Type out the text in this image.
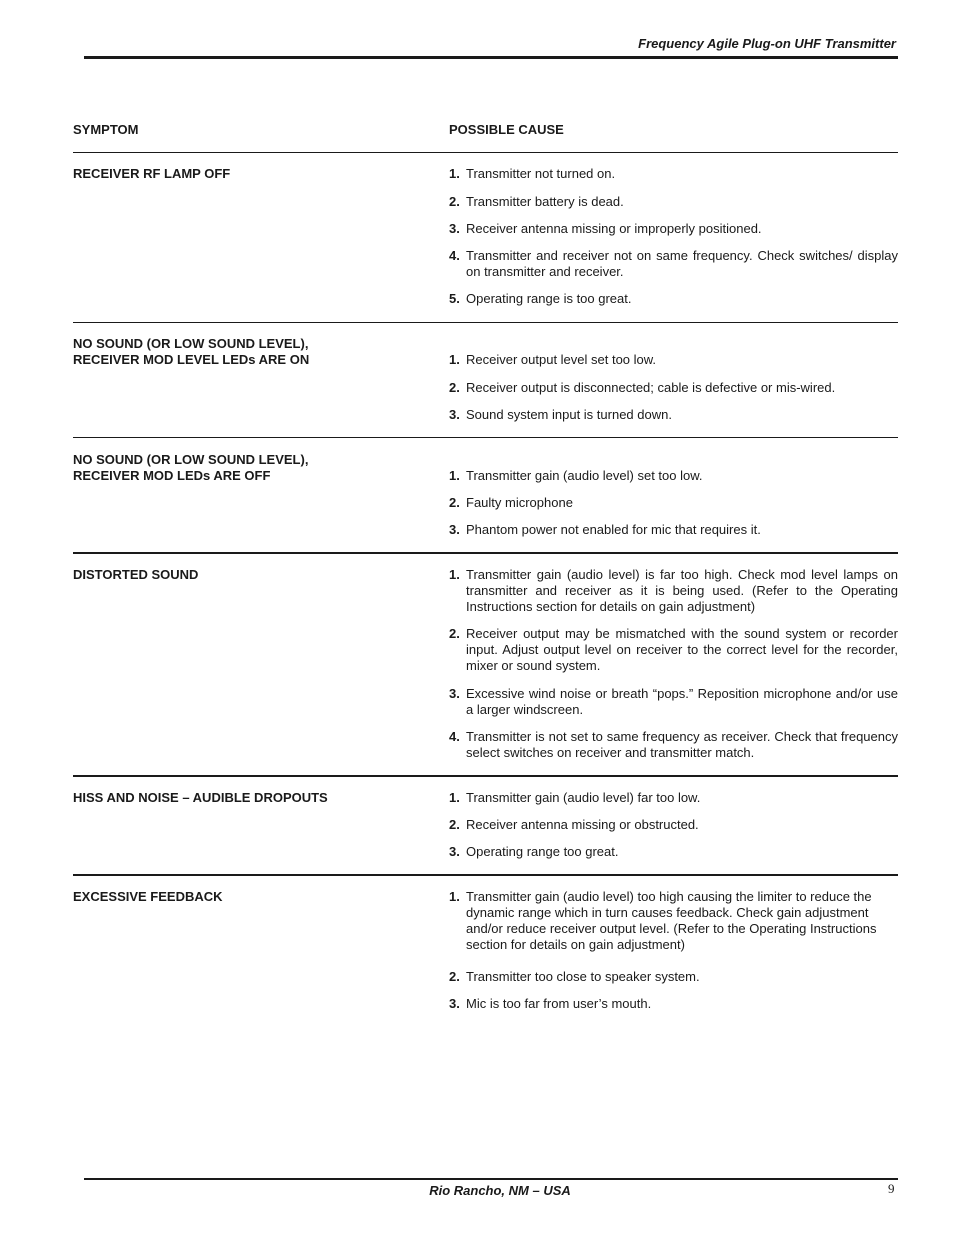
Frequency Agile Plug-on UHF Transmitter
SYMPTOM	POSSIBLE CAUSE
RECEIVER RF LAMP OFF	1. Transmitter not turned on.
2. Transmitter battery is dead.
3. Receiver antenna missing or improperly positioned.
4. Transmitter and receiver not on same frequency. Check switches/ display on transmitter and receiver.
5. Operating range is too great.
NO SOUND (OR LOW SOUND LEVEL),
RECEIVER MOD LEVEL LEDs ARE ON	1. Receiver output level set too low.
2. Receiver output is disconnected; cable is defective or mis-wired.
3. Sound system input is turned down.
NO SOUND (OR LOW SOUND LEVEL),
RECEIVER MOD LEDs ARE OFF	1. Transmitter gain (audio level) set too low.
2. Faulty microphone
3. Phantom power not enabled for mic that requires it.
DISTORTED SOUND	1. Transmitter gain (audio level) is far too high. Check mod level lamps on transmitter and receiver as it is being used. (Refer to the Operating Instructions section for details on gain adjustment)
2. Receiver output may be mismatched with the sound system or recorder input. Adjust output level on receiver to the correct level for the recorder, mixer or sound system.
3. Excessive wind noise or breath “pops.” Reposition microphone and/or use a larger windscreen.
4. Transmitter is not set to same frequency as receiver. Check that frequency select switches on receiver and transmitter match.
HISS AND NOISE – AUDIBLE DROPOUTS	1. Transmitter gain (audio level) far too low.
2. Receiver antenna missing or obstructed.
3. Operating range too great.
EXCESSIVE FEEDBACK	1. Transmitter gain (audio level) too high causing the limiter to reduce the dynamic range which in turn causes feedback. Check gain adjustment and/or reduce receiver output level. (Refer to the Operating Instructions section for details on gain adjustment)
2. Transmitter too close to speaker system.
3. Mic is too far from user’s mouth.
Rio Rancho, NM – USA	9
